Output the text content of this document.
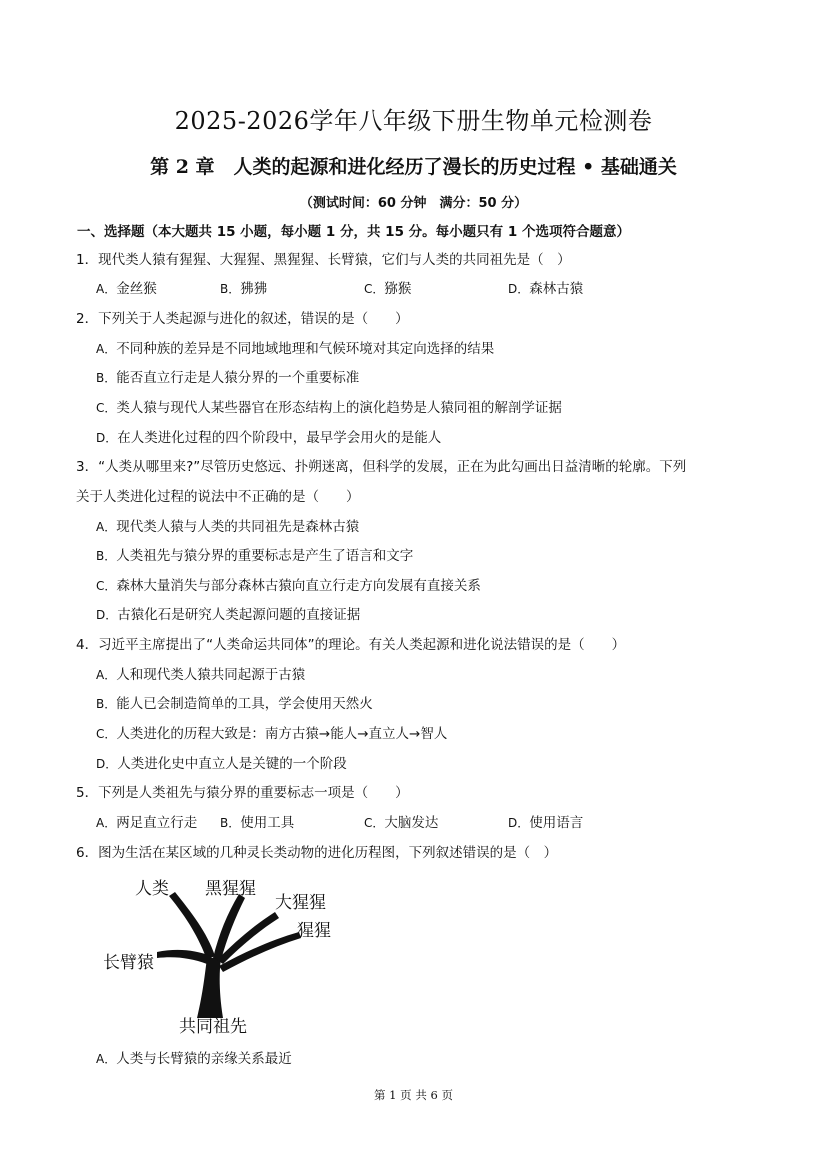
2025-2026学年八年级下册生物单元检测卷
第 2 章　人类的起源和进化经历了漫长的历史过程 • 基础通关
（测试时间：60 分钟　满分：50 分）
一、选择题（本大题共 15 小题，每小题 1 分，共 15 分。每小题只有 1 个选项符合题意）
1．现代类人猿有猩猩、大猩猩、黑猩猩、长臂猿，它们与人类的共同祖先是（　）
A．金丝猴	B．狒狒	C．猕猴	D．森林古猿
2．下列关于人类起源与进化的叙述，错误的是（　　）
A．不同种族的差异是不同地域地理和气候环境对其定向选择的结果
B．能否直立行走是人猿分界的一个重要标准
C．类人猿与现代人某些器官在形态结构上的演化趋势是人猿同祖的解剖学证据
D．在人类进化过程的四个阶段中，最早学会用火的是能人
3．“人类从哪里来?”尽管历史悠远、扑朔迷离，但科学的发展，正在为此勾画出日益清晰的轮廓。下列
关于人类进化过程的说法中不正确的是（　　）
A．现代类人猿与人类的共同祖先是森林古猿
B．人类祖先与猿分界的重要标志是产生了语言和文字
C．森林大量消失与部分森林古猿向直立行走方向发展有直接关系
D．古猿化石是研究人类起源问题的直接证据
4．习近平主席提出了“人类命运共同体”的理论。有关人类起源和进化说法错误的是（　　）
A．人和现代类人猿共同起源于古猿
B．能人已会制造简单的工具，学会使用天然火
C．人类进化的历程大致是：南方古猿→能人→直立人→智人
D．人类进化史中直立人是关键的一个阶段
5．下列是人类祖先与猿分界的重要标志一项是（　　）
A．两足直立行走 B．使用工具	C．大脑发达	D．使用语言
6．图为生活在某区域的几种灵长类动物的进化历程图，下列叙述错误的是（　）
人类 黑猩猩
大猩猩
猩猩
长臂猿
共同祖先
A．人类与长臂猿的亲缘关系最近
第 1 页 共 6 页
